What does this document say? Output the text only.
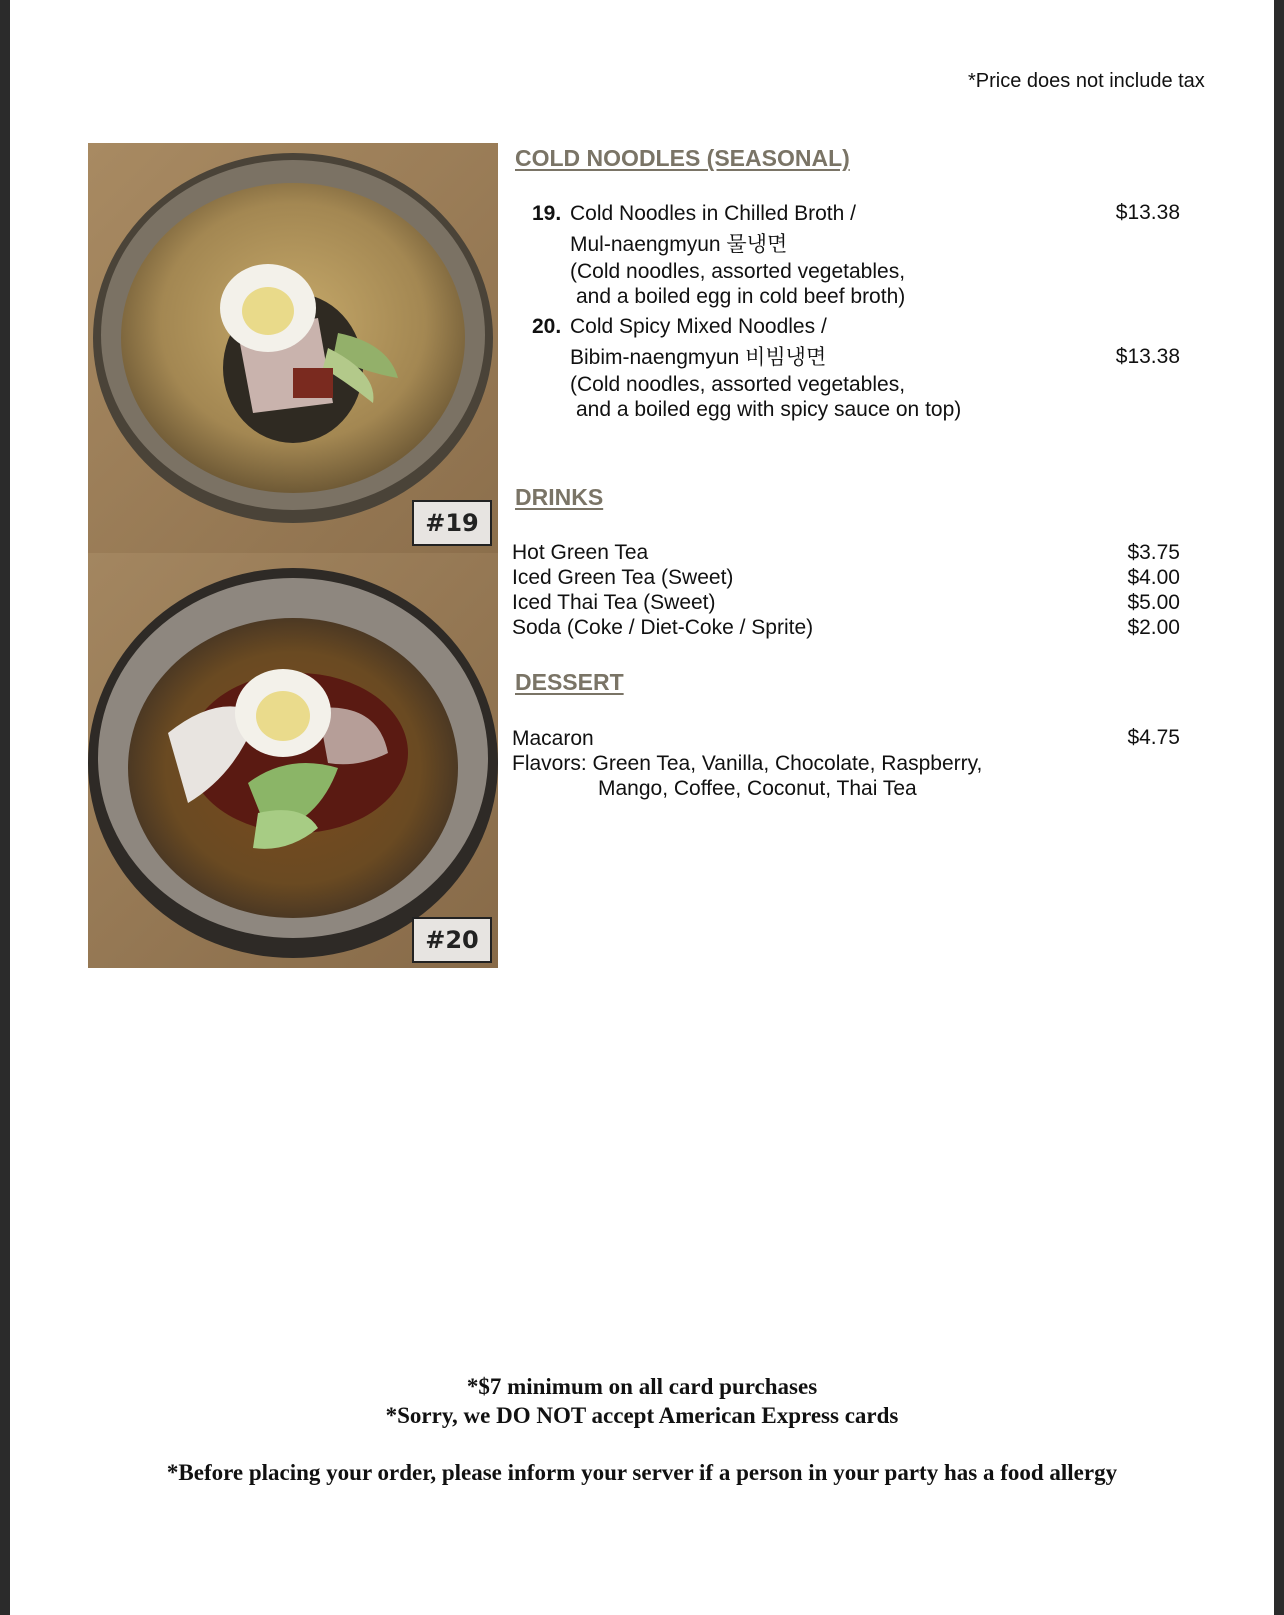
*Price does not include tax
#19
#20
COLD NOODLES (SEASONAL)
19. Cold Noodles in Chilled Broth /
Mul-naengmyun 물냉면
(Cold noodles, assorted vegetables,
and a boiled egg in cold beef broth)
$13.38
20. Cold Spicy Mixed Noodles /
Bibim-naengmyun 비빔냉면
(Cold noodles, assorted vegetables,
and a boiled egg with spicy sauce on top)
$13.38
DRINKS
Hot Green Tea
Iced Green Tea (Sweet)
Iced Thai Tea (Sweet)
Soda (Coke / Diet-Coke / Sprite)
$3.75
$4.00
$5.00
$2.00
DESSERT
Macaron
Flavors: Green Tea, Vanilla, Chocolate, Raspberry,
Mango, Coffee, Coconut, Thai Tea
$4.75
*$7 minimum on all card purchases
*Sorry, we DO NOT accept American Express cards
*Before placing your order, please inform your server if a person in your party has a food allergy
